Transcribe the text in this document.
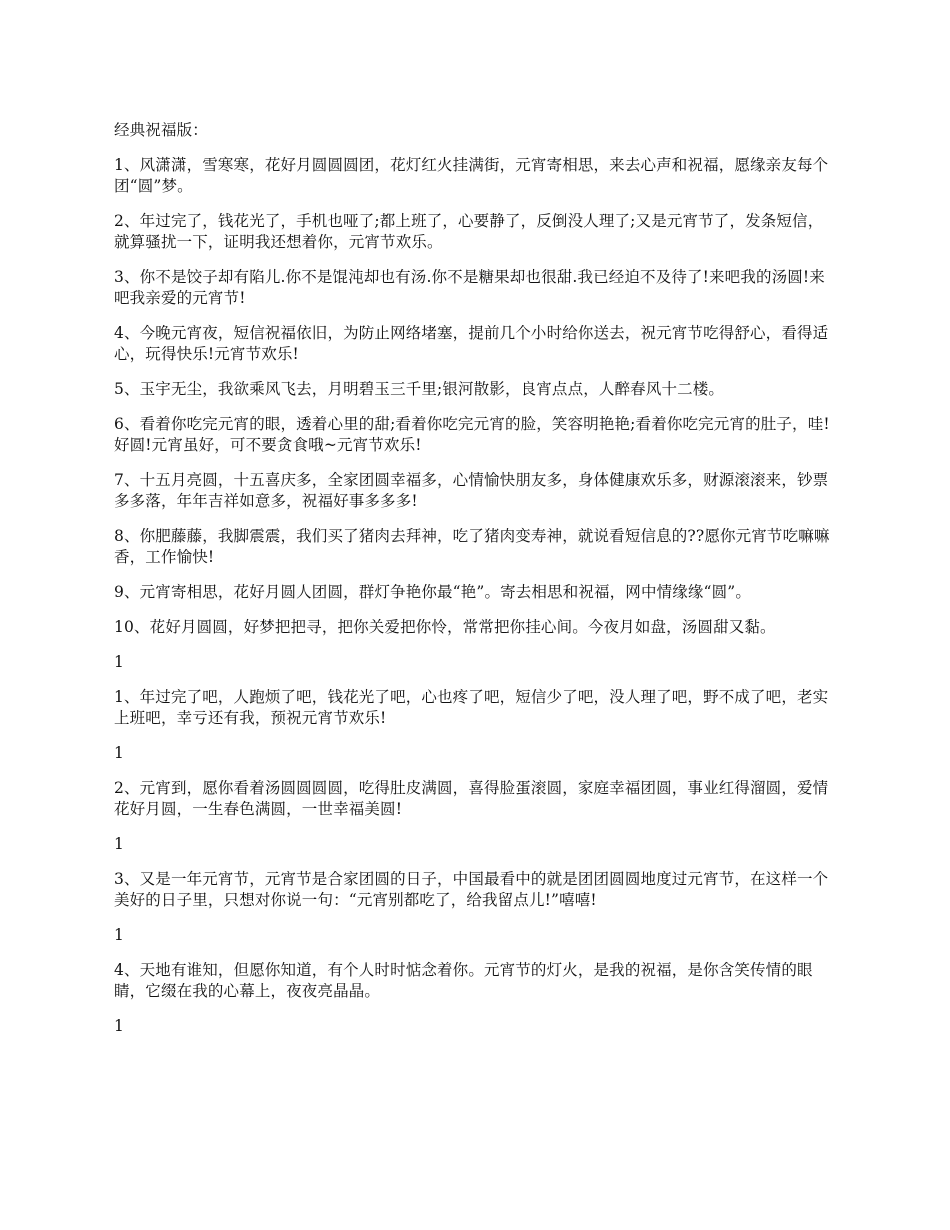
经典祝福版：

1、风潇潇，雪寒寒，花好月圆圆圆团，花灯红火挂满街，元宵寄相思，来去心声和祝福，愿缘亲友每个团“圆”梦。

2、年过完了，钱花光了，手机也哑了;都上班了，心要静了，反倒没人理了;又是元宵节了，发条短信，就算骚扰一下，证明我还想着你，元宵节欢乐。

3、你不是饺子却有陷儿.你不是馄沌却也有汤.你不是糖果却也很甜.我已经迫不及待了!来吧我的汤圆!来吧我亲爱的元宵节!

4、今晚元宵夜，短信祝福依旧，为防止网络堵塞，提前几个小时给你送去，祝元宵节吃得舒心，看得适心，玩得快乐!元宵节欢乐!

5、玉宇无尘，我欲乘风飞去，月明碧玉三千里;银河散影，良宵点点，人醉春风十二楼。

6、看着你吃完元宵的眼，透着心里的甜;看着你吃完元宵的脸，笑容明艳艳;看着你吃完元宵的肚子，哇!好圆!元宵虽好，可不要贪食哦~元宵节欢乐!

7、十五月亮圆，十五喜庆多，全家团圆幸福多，心情愉快朋友多，身体健康欢乐多，财源滚滚来，钞票多多落，年年吉祥如意多，祝福好事多多多!

8、你肥藤藤，我脚震震，我们买了猪肉去拜神，吃了猪肉变寿神，就说看短信息的??愿你元宵节吃嘛嘛香，工作愉快!

9、元宵寄相思，花好月圆人团圆，群灯争艳你最“艳”。寄去相思和祝福，网中情缘缘“圆”。

10、花好月圆圆，好梦把把寻，把你关爱把你怜，常常把你挂心间。今夜月如盘，汤圆甜又黏。

1

1、年过完了吧，人跑烦了吧，钱花光了吧，心也疼了吧，短信少了吧，没人理了吧，野不成了吧，老实上班吧，幸亏还有我，预祝元宵节欢乐!

1

2、元宵到，愿你看着汤圆圆圆圆，吃得肚皮满圆，喜得脸蛋滚圆，家庭幸福团圆，事业红得溜圆，爱情花好月圆，一生春色满圆，一世幸福美圆!

1

3、又是一年元宵节，元宵节是合家团圆的日子，中国最看中的就是团团圆圆地度过元宵节，在这样一个美好的日子里，只想对你说一句：“元宵别都吃了，给我留点儿!”嘻嘻!

1

4、天地有谁知，但愿你知道，有个人时时惦念着你。元宵节的灯火，是我的祝福，是你含笑传情的眼睛，它缀在我的心幕上，夜夜亮晶晶。

1
